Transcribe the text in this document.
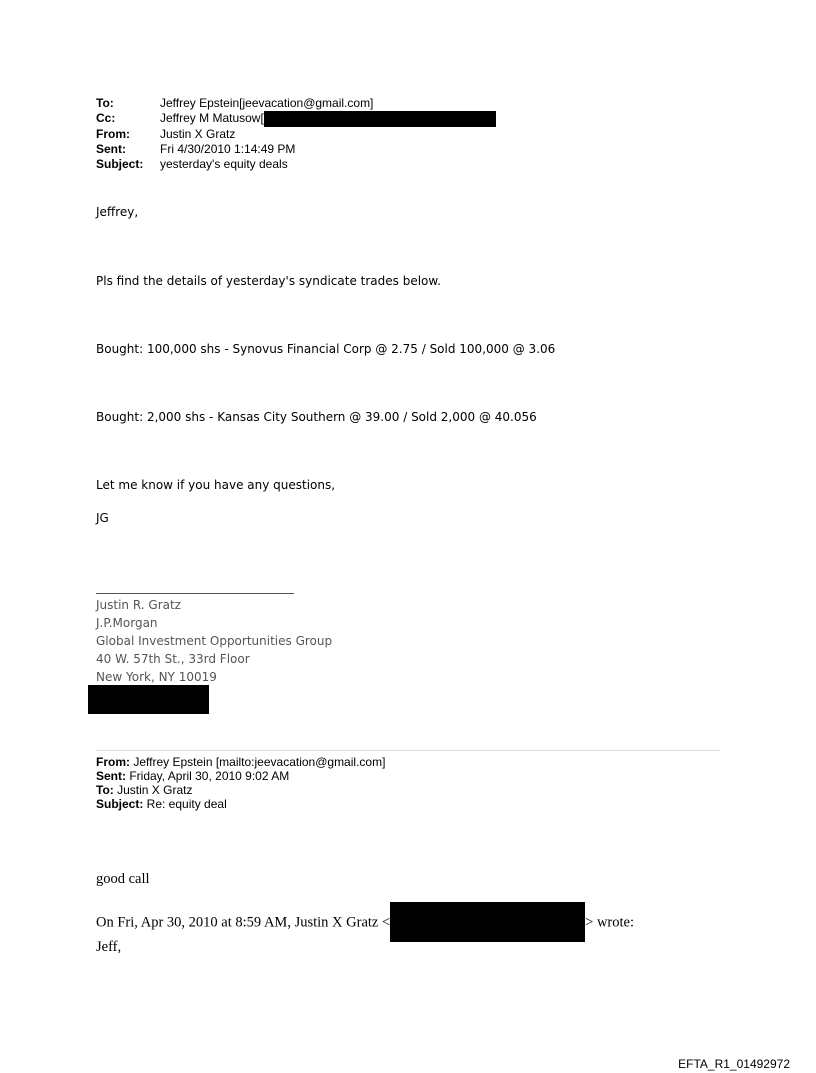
To:	Jeffrey Epstein[jeevacation@gmail.com]
Cc:	Jeffrey M Matusow[
From:	Justin X Gratz
Sent:	Fri 4/30/2010 1:14:49 PM
Subject:	yesterday's equity deals
Jeffrey,
Pls find the details of yesterday's syndicate trades below.
Bought: 100,000 shs - Synovus Financial Corp @ 2.75 / Sold 100,000 @ 3.06
Bought: 2,000 shs - Kansas City Southern @ 39.00 / Sold 2,000 @ 40.056
Let me know if you have any questions,
JG
Justin R. Gratz
J.P.Morgan
Global Investment Opportunities Group
40 W. 57th St., 33rd Floor
New York, NY 10019
From: Jeffrey Epstein [mailto:jeevacation@gmail.com]
Sent: Friday, April 30, 2010 9:02 AM
To: Justin X Gratz
Subject: Re: equity deal
good call
On Fri, Apr 30, 2010 at 8:59 AM, Justin X Gratz <	> wrote:
Jeff,
EFTA_R1_01492972
